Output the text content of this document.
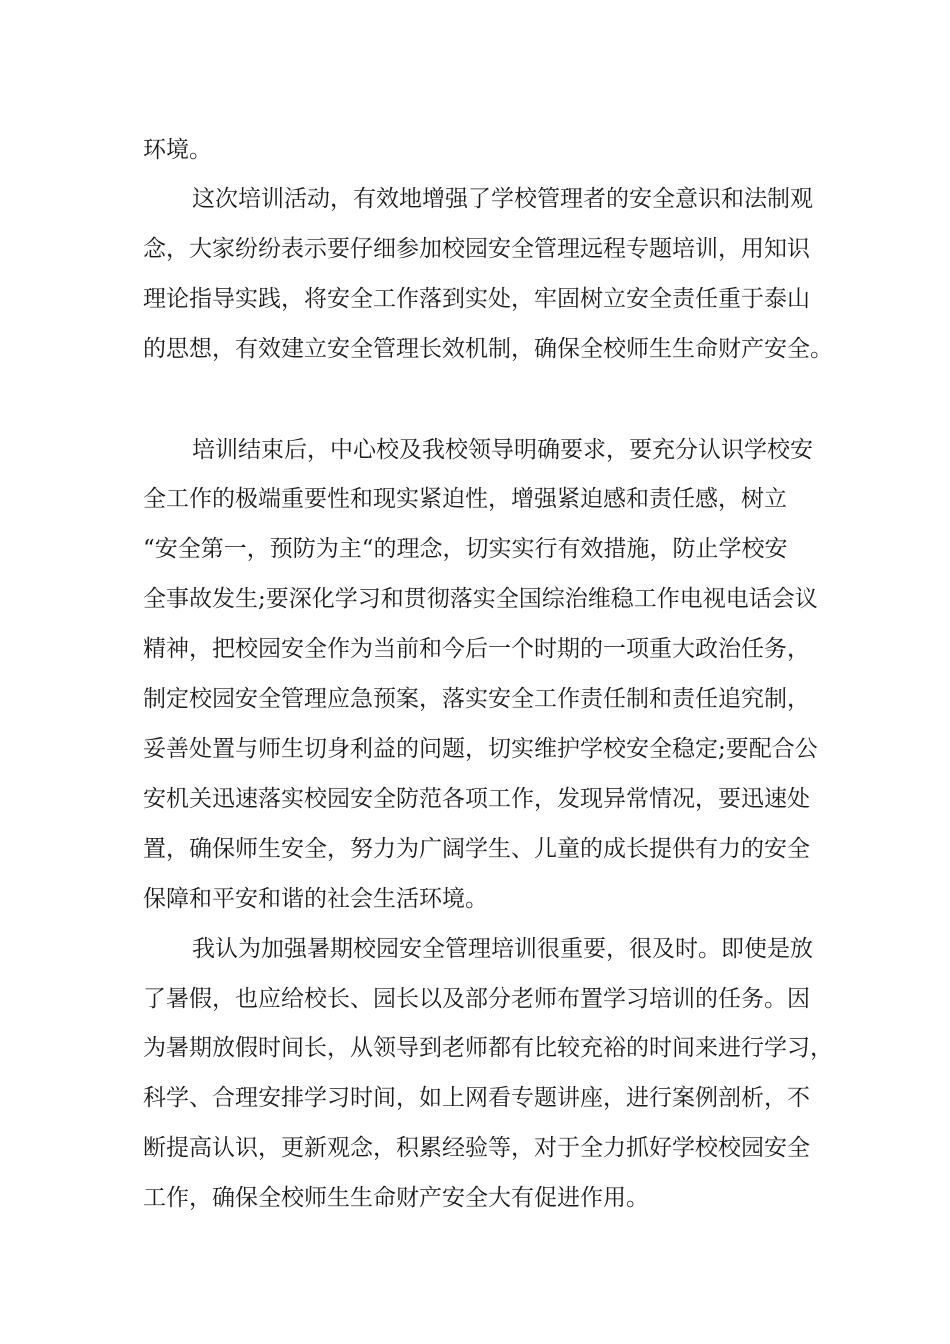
环境。
这次培训活动，有效地增强了学校管理者的安全意识和法制观
念，大家纷纷表示要仔细参加校园安全管理远程专题培训，用知识
理论指导实践，将安全工作落到实处，牢固树立安全责任重于泰山
的思想，有效建立安全管理长效机制，确保全校师生生命财产安全。
培训结束后，中心校及我校领导明确要求，要充分认识学校安
全工作的极端重要性和现实紧迫性，增强紧迫感和责任感，树立
“安全第一，预防为主“的理念，切实实行有效措施，防止学校安
全事故发生;要深化学习和贯彻落实全国综治维稳工作电视电话会议
精神，把校园安全作为当前和今后一个时期的一项重大政治任务，
制定校园安全管理应急预案，落实安全工作责任制和责任追究制，
妥善处置与师生切身利益的问题，切实维护学校安全稳定;要配合公
安机关迅速落实校园安全防范各项工作，发现异常情况，要迅速处
置，确保师生安全，努力为广阔学生、儿童的成长提供有力的安全
保障和平安和谐的社会生活环境。
我认为加强暑期校园安全管理培训很重要，很及时。即使是放
了暑假，也应给校长、园长以及部分老师布置学习培训的任务。因
为暑期放假时间长，从领导到老师都有比较充裕的时间来进行学习，
科学、合理安排学习时间，如上网看专题讲座，进行案例剖析，不
断提高认识，更新观念，积累经验等，对于全力抓好学校校园安全
工作，确保全校师生生命财产安全大有促进作用。
